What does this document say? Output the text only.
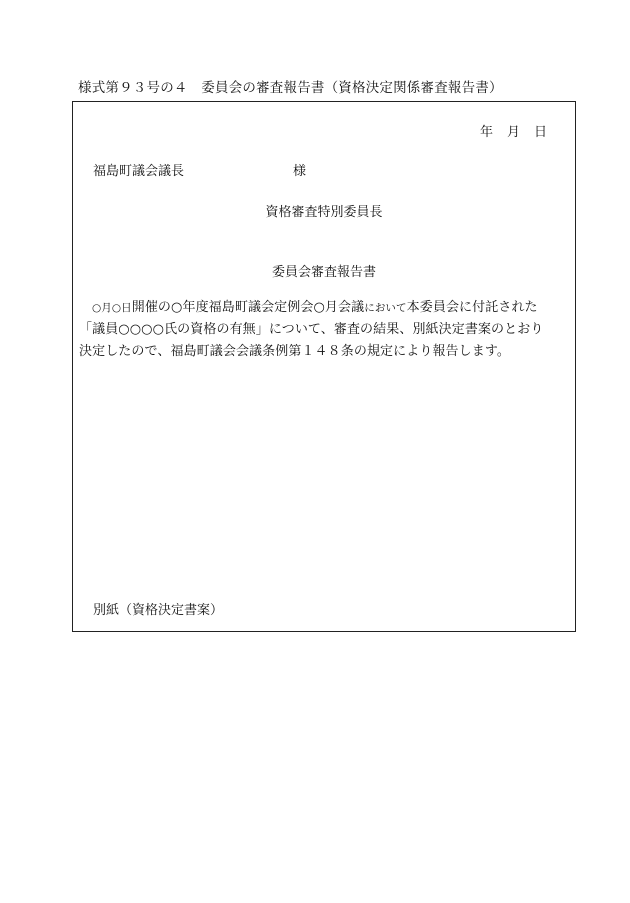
様式第９３号の４　委員会の審査報告書（資格決定関係審査報告書）
年 月 日
福島町議会議長	様
資格審査特別委員長
委員会審査報告書

○月○日開催の○年度福島町議会定例会○月会議において本委員会に付託された「議員○○○○氏の資格の有無」について、審査の結果、別紙決定書案のとおり決定したので、福島町議会会議条例第１４８条の規定により報告します。

別紙（資格決定書案）
